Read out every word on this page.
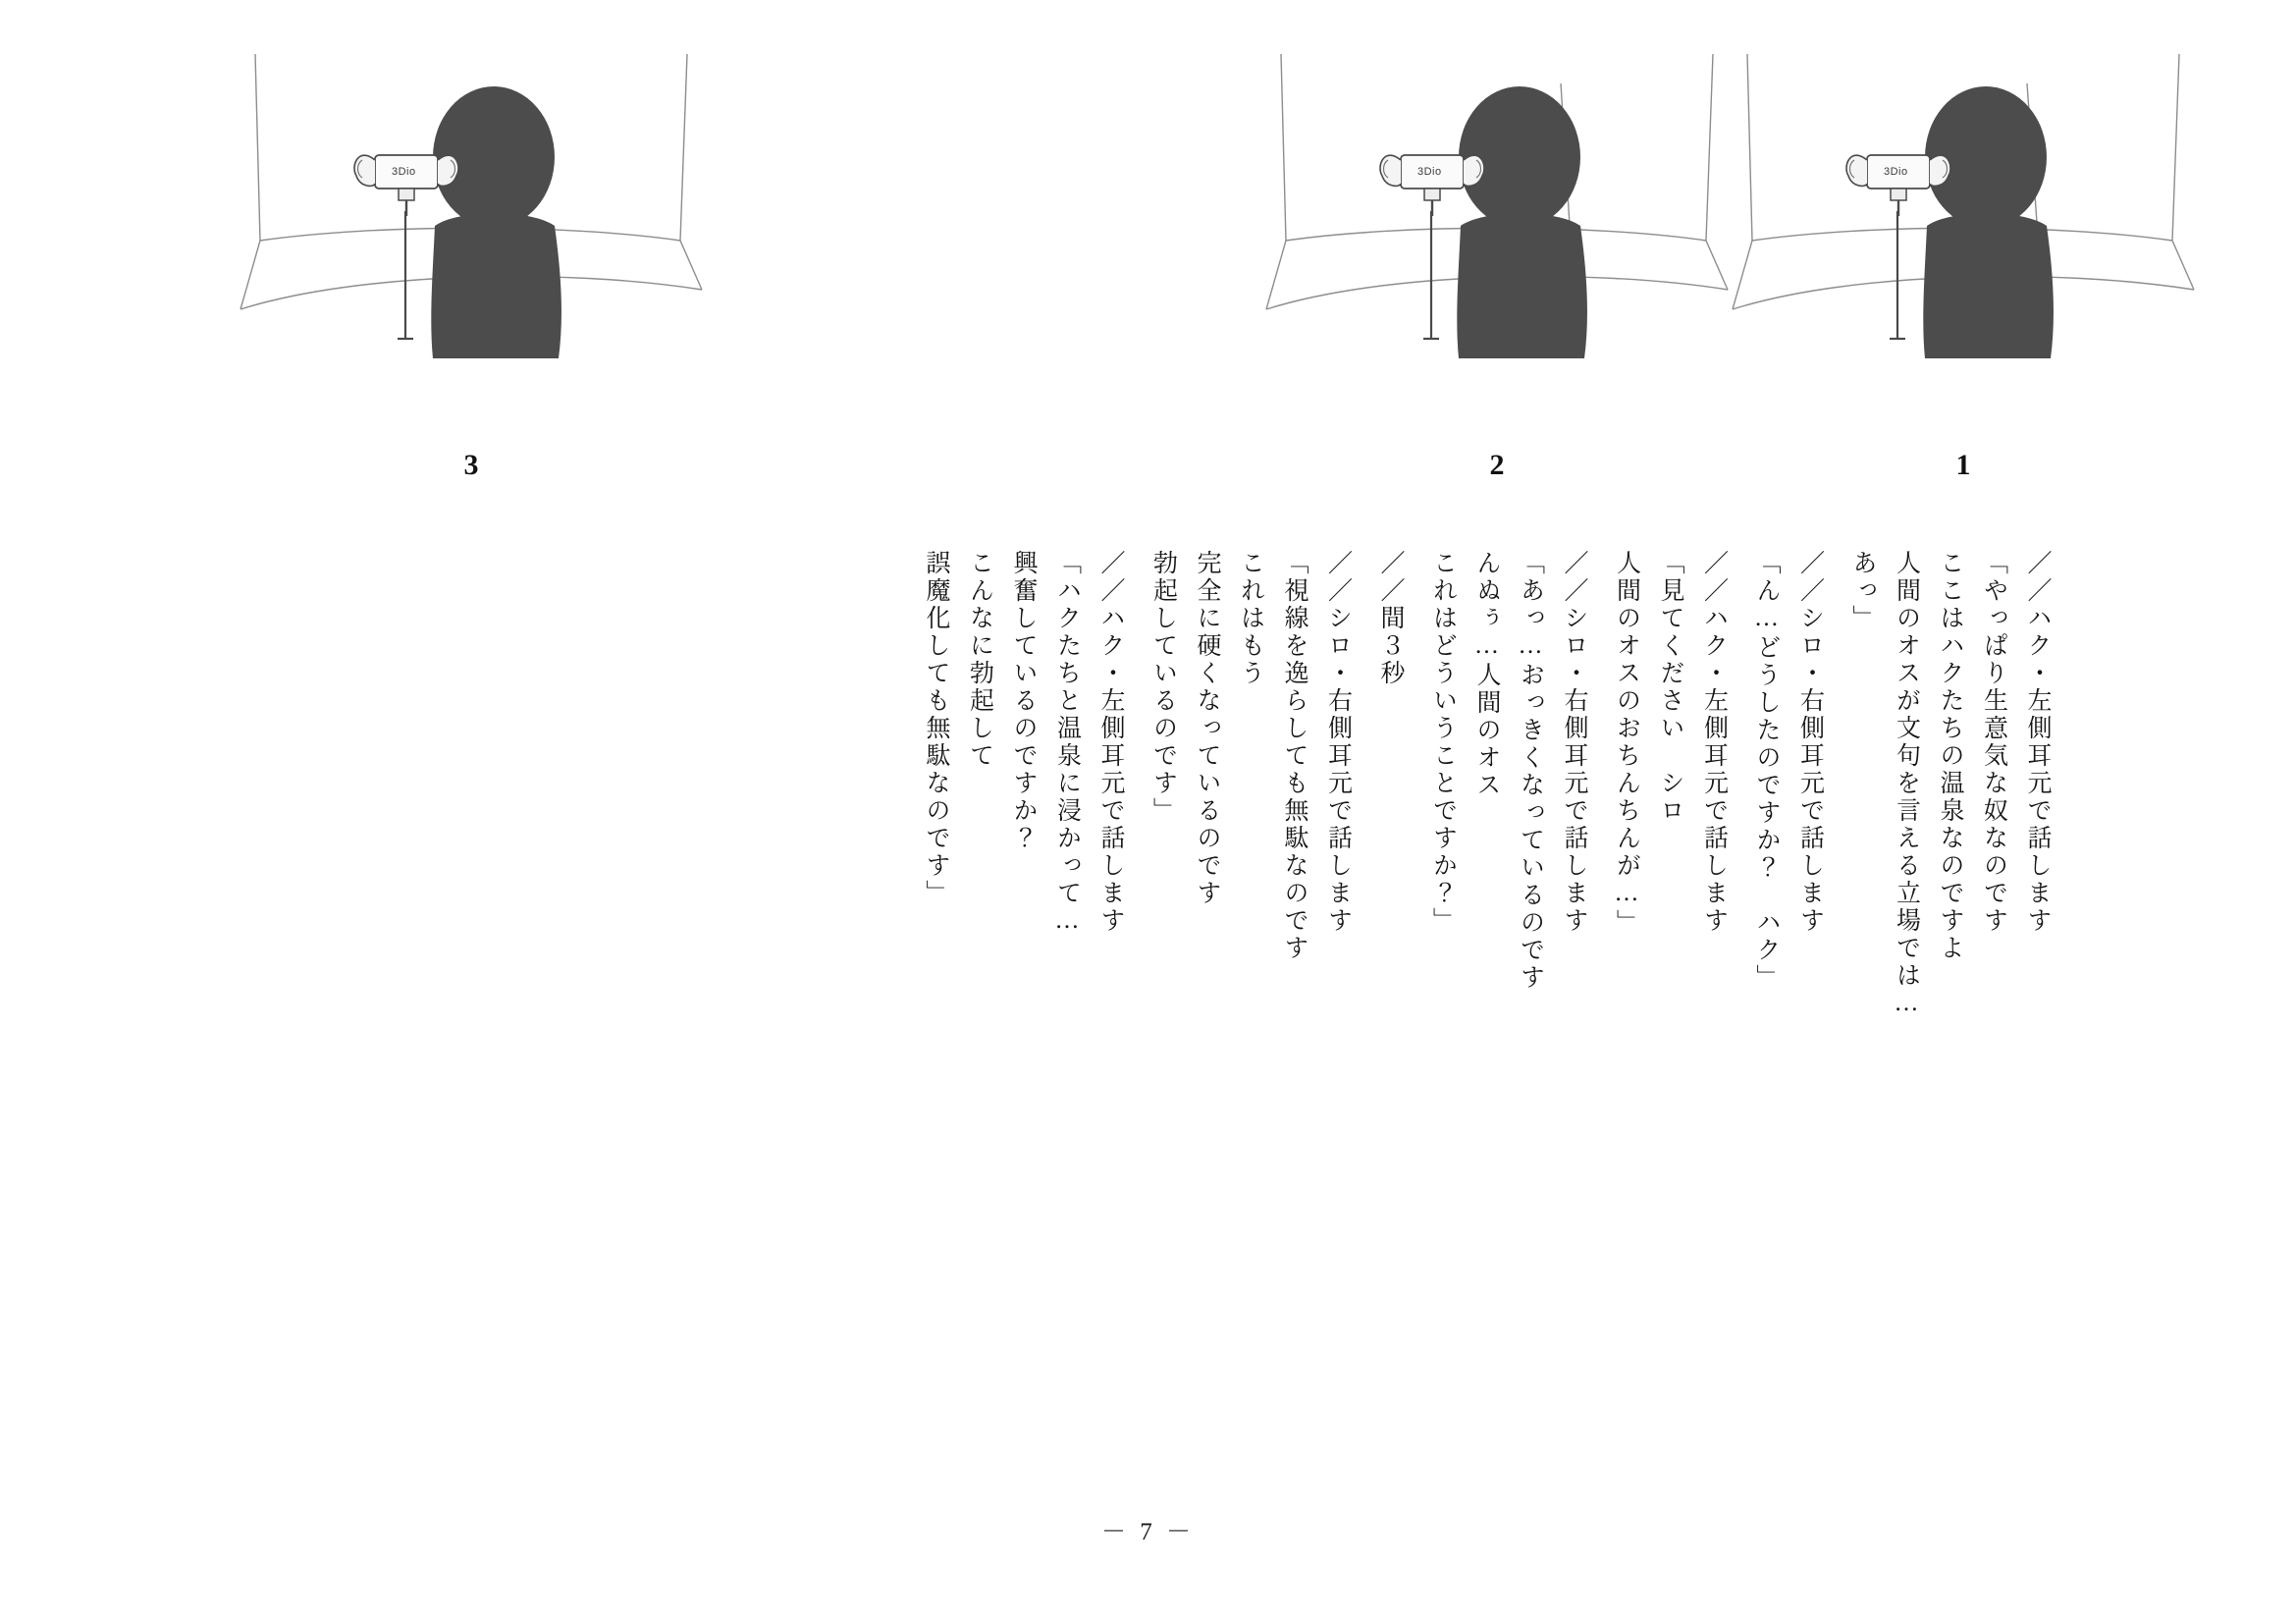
3Dio
3
3Dio
2
3Dio
1
／／ハク・左側耳元で話します
「やっぱり生意気な奴なのです
ここはハクたちの温泉なのですよ
人間のオスが文句を言える立場では…
あっ」
／／シロ・右側耳元で話します
「ん…どうしたのですか？　ハク」
／／ハク・左側耳元で話します
「見てください　シロ
人間のオスのおちんちんが…」
／／シロ・右側耳元で話します
「あっ…おっきくなっているのです
んぬぅ…人間のオス
これはどういうことですか？」
／／間３秒
／／シロ・右側耳元で話します
「視線を逸らしても無駄なのです
これはもう
完全に硬くなっているのです
勃起しているのです」
／／ハク・左側耳元で話します
「ハクたちと温泉に浸かって…
興奮しているのですか？
こんなに勃起して
誤魔化しても無駄なのです」
－ 7 －
